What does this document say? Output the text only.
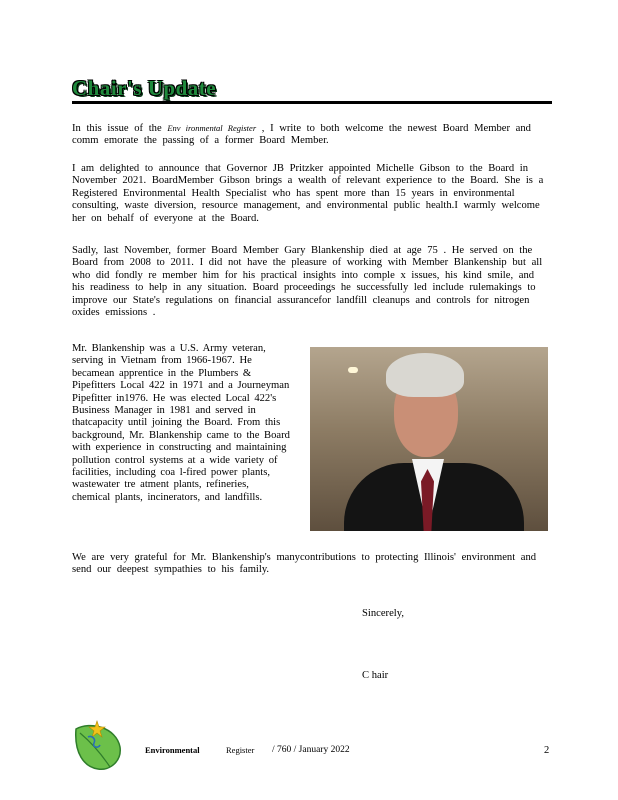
Chair's Update

In this issue of the Env ironmental Register , I write to both welcome the newest Board Member and comm emorate the passing of a former Board Member.

I am delighted to announce that Governor JB Pritzker appointed Michelle Gibson to the Board in November 2021. BoardMember Gibson brings a wealth of relevant experience to the Board. She is a Registered Environmental Health Specialist who has spent more than 15 years in environmental consulting, waste diversion, resource management, and environmental public health.I warmly welcome her on behalf of everyone at the Board.

Sadly, last November, former Board Member Gary Blankenship died at age 75 . He served on the Board from 2008 to 2011. I did not have the pleasure of working with Member Blankenship but all who did fondly re member him for his practical insights into comple x issues, his kind smile, and his readiness to help in any situation. Board proceedings he successfully led include rulemakings to improve our State's regulations on financial assurancefor landfill cleanups and controls for nitrogen oxides emissions .

Mr. Blankenship was a U.S. Army veteran, serving in Vietnam from 1966-1967. He becamean apprentice in the Plumbers & Pipefitters Local 422 in 1971 and a Journeyman Pipefitter in1976. He was elected Local 422's Business Manager in 1981 and served in thatcapacity until joining the Board. From this background, Mr. Blankenship came to the Board with experience in constructing and maintaining pollution control systems at a wide variety of facilities, including coa l-fired power plants, wastewater tre atment plants, refineries, chemical plants, incinerators, and landfills.

We are very grateful for Mr. Blankenship's manycontributions to protecting Illinois' environment and send our deepest sympathies to his family.

Sincerely,

C hair

Environmental	Register / 760 / January 2022	2
